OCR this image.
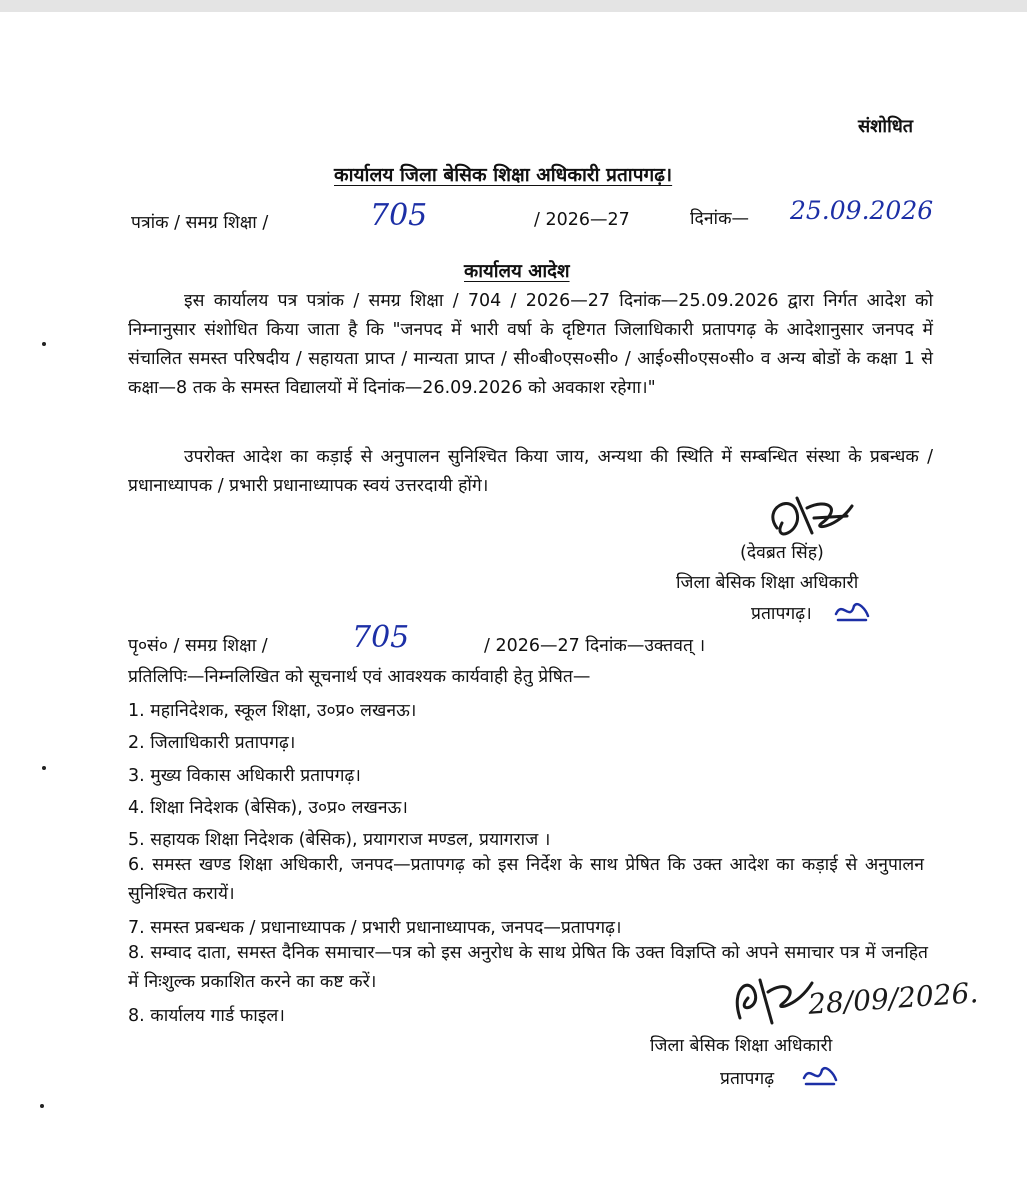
संशोधित
कार्यालय जिला बेसिक शिक्षा अधिकारी प्रतापगढ़।
पत्रांक / समग्र शिक्षा /	705	/ 2026—27	दिनांक— 25.09.2026
कार्यालय आदेश
इस कार्यालय पत्र पत्रांक / समग्र शिक्षा / 704 / 2026—27 दिनांक—25.09.2026 द्वारा निर्गत आदेश को निम्नानुसार संशोधित किया जाता है कि "जनपद में भारी वर्षा के दृष्टिगत जिलाधिकारी प्रतापगढ़ के आदेशानुसार जनपद में संचालित समस्त परिषदीय / सहायता प्राप्त / मान्यता प्राप्त / सी०बी०एस०सी० / आई०सी०एस०सी० व अन्य बोडों के कक्षा 1 से कक्षा—8 तक के समस्त विद्यालयों में दिनांक—26.09.2026 को अवकाश रहेगा।"
उपरोक्त आदेश का कड़ाई से अनुपालन सुनिश्चित किया जाय, अन्यथा की स्थिति में सम्बन्धित संस्था के प्रबन्धक / प्रधानाध्यापक / प्रभारी प्रधानाध्यापक स्वयं उत्तरदायी होंगे।
(देवब्रत सिंह)
जिला बेसिक शिक्षा अधिकारी
प्रतापगढ़।
पृ०सं० / समग्र शिक्षा /	705	/ 2026—27 दिनांक—उक्तवत् ।
प्रतिलिपिः—निम्नलिखित को सूचनार्थ एवं आवश्यक कार्यवाही हेतु प्रेषित—
1. महानिदेशक, स्कूल शिक्षा, उ०प्र० लखनऊ।
2. जिलाधिकारी प्रतापगढ़।
3. मुख्य विकास अधिकारी प्रतापगढ़।
4. शिक्षा निदेशक (बेसिक), उ०प्र० लखनऊ।
5. सहायक शिक्षा निदेशक (बेसिक), प्रयागराज मण्डल, प्रयागराज ।
6. समस्त खण्ड शिक्षा अधिकारी, जनपद—प्रतापगढ़ को इस निर्देश के साथ प्रेषित कि उक्त आदेश का कड़ाई से अनुपालन सुनिश्चित करायें।
7. समस्त प्रबन्धक / प्रधानाध्यापक / प्रभारी प्रधानाध्यापक, जनपद—प्रतापगढ़।
8. सम्वाद दाता, समस्त दैनिक समाचार—पत्र को इस अनुरोध के साथ प्रेषित कि उक्त विज्ञप्ति को अपने समाचार पत्र में जनहित में निःशुल्क प्रकाशित करने का कष्ट करें।
8. कार्यालय गार्ड फाइल।	28/09/2026.
जिला बेसिक शिक्षा अधिकारी
प्रतापगढ़
